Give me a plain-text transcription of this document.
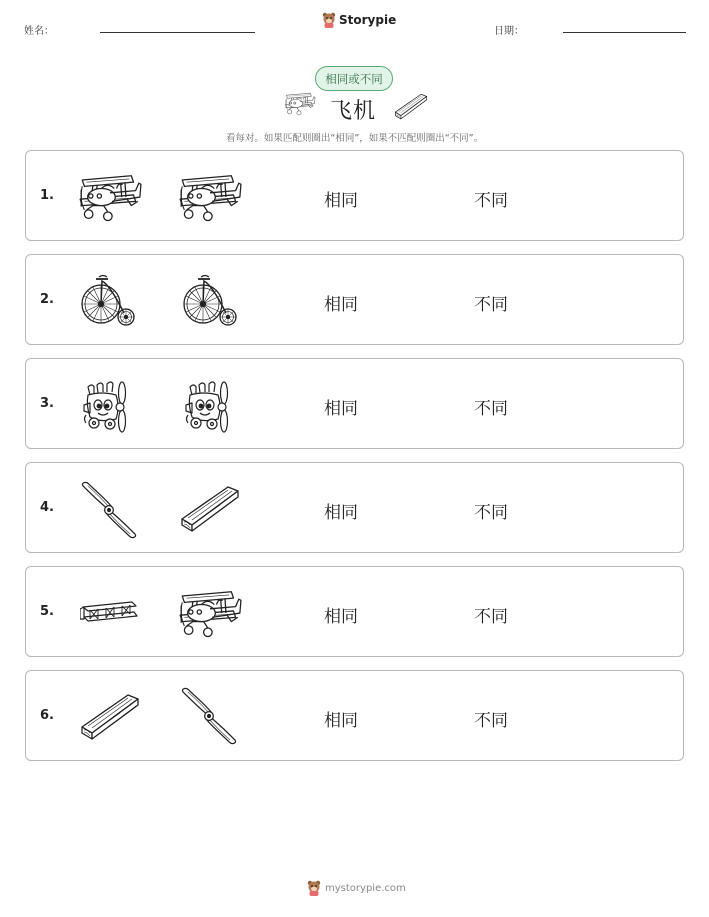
姓名：
Storypie
日期：
相同或不同
飞机
看每对。如果匹配则圈出“相同”，如果不匹配则圈出“不同”。
1.	相同	不同
2.	相同	不同
3.	相同	不同
4.	相同	不同
5.	相同	不同
6.	相同	不同
mystorypie.com
